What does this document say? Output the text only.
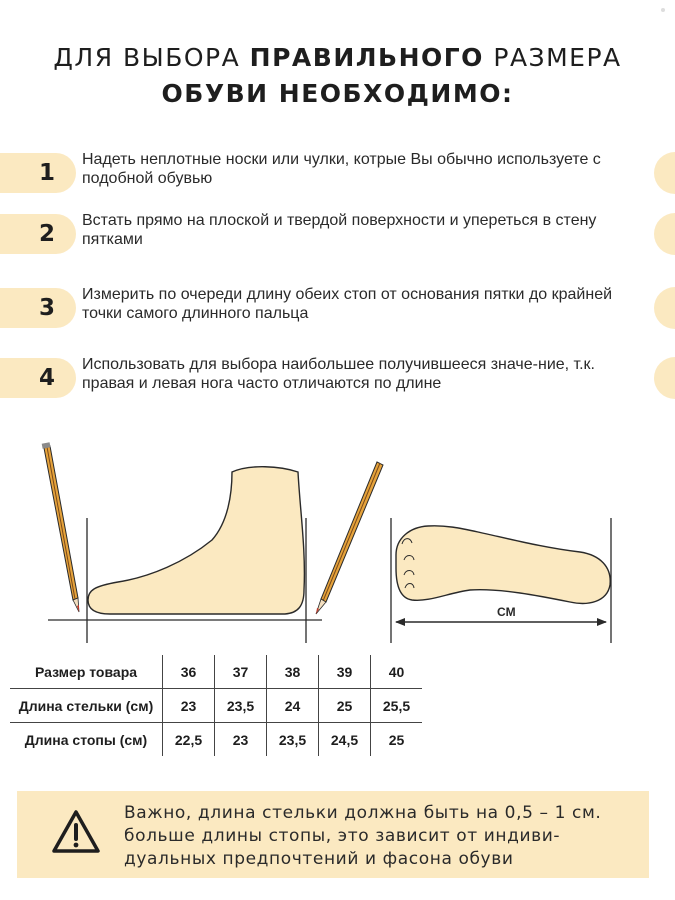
ДЛЯ ВЫБОРА ПРАВИЛЬНОГО РАЗМЕРА
ОБУВИ НЕОБХОДИМО:
1
Надеть неплотные носки или чулки, котрые Вы обычно используете с подобной обувью
2
Встать прямо на плоской и твердой поверхности и упереться в стену пятками
3
Измерить по очереди длину обеих стоп от основания пятки до крайней точки самого длинного пальца
4
Использовать для выбора наибольшее получившееся значе-ние, т.к. правая и левая нога часто отличаются по длине
CM
Размер товара	36	37	38	39	40
Длина стельки (см)	23	23,5	24	25	25,5
Длина стопы (см)	22,5	23	23,5	24,5	25
Важно, длина стельки должна быть на 0,5 – 1 см.
больше длины стопы, это зависит от индиви-
дуальных предпочтений и фасона обуви
